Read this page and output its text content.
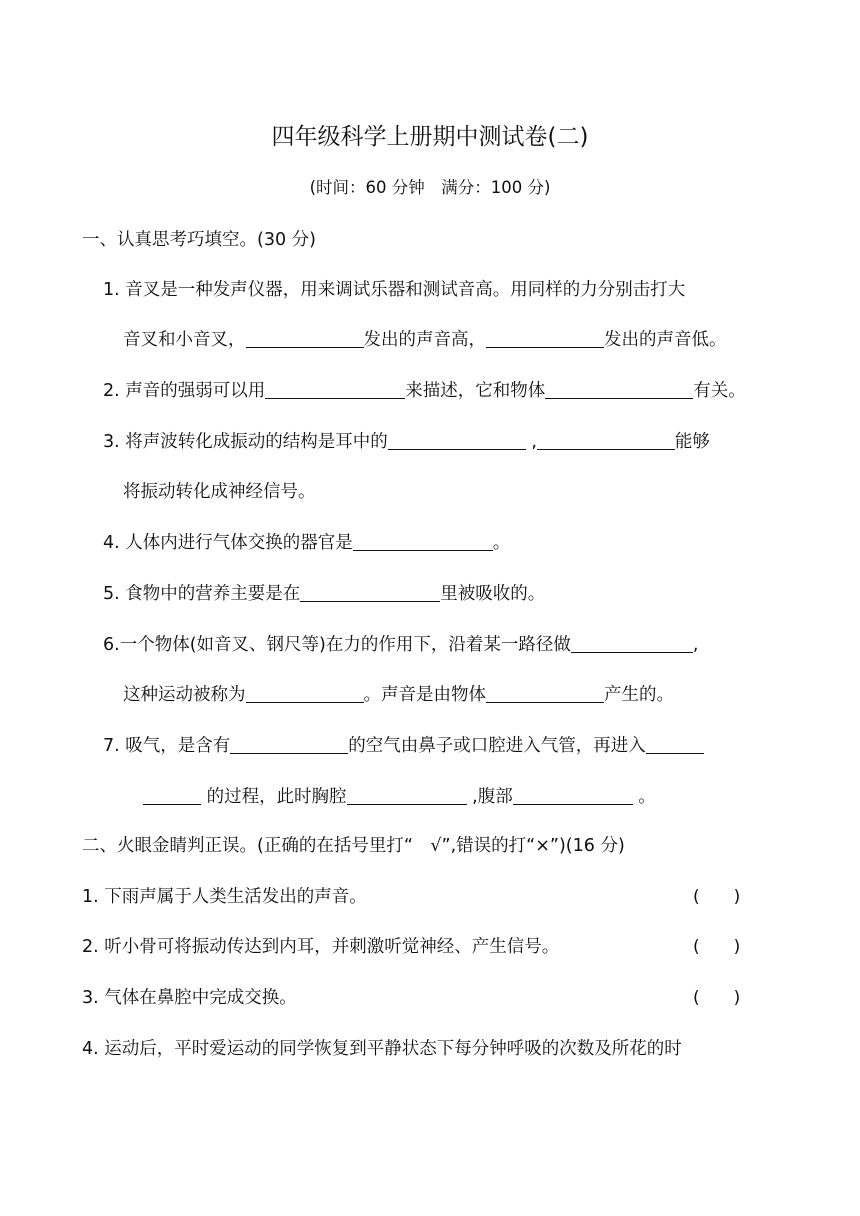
四年级科学上册期中测试卷(二)
(时间：60 分钟　满分：100 分)
一、认真思考巧填空。(30 分)
1. 音叉是一种发声仪器，用来调试乐器和测试音高。用同样的力分别击打大
音叉和小音叉，	发出的声音高，	发出的声音低。
2. 声音的强弱可以用	来描述，它和物体	有关。
3. 将声波转化成振动的结构是耳中的	,	能够
将振动转化成神经信号。
4. 人体内进行气体交换的器官是	。
5. 食物中的营养主要是在	里被吸收的。
6.一个物体(如音叉、钢尺等)在力的作用下，沿着某一路径做	,
这种运动被称为	。声音是由物体	产生的。
7. 吸气，是含有	的空气由鼻子或口腔进入气管，再进入
的过程，此时胸腔	,腹部	。
二、火眼金睛判正误。(正确的在括号里打“　√”,错误的打“×”)(16 分)
1. 下雨声属于人类生活发出的声音。	(　　)
2. 听小骨可将振动传达到内耳，并刺激听觉神经、产生信号。	(　　)
3. 气体在鼻腔中完成交换。	(　　)
4. 运动后，平时爱运动的同学恢复到平静状态下每分钟呼吸的次数及所花的时
